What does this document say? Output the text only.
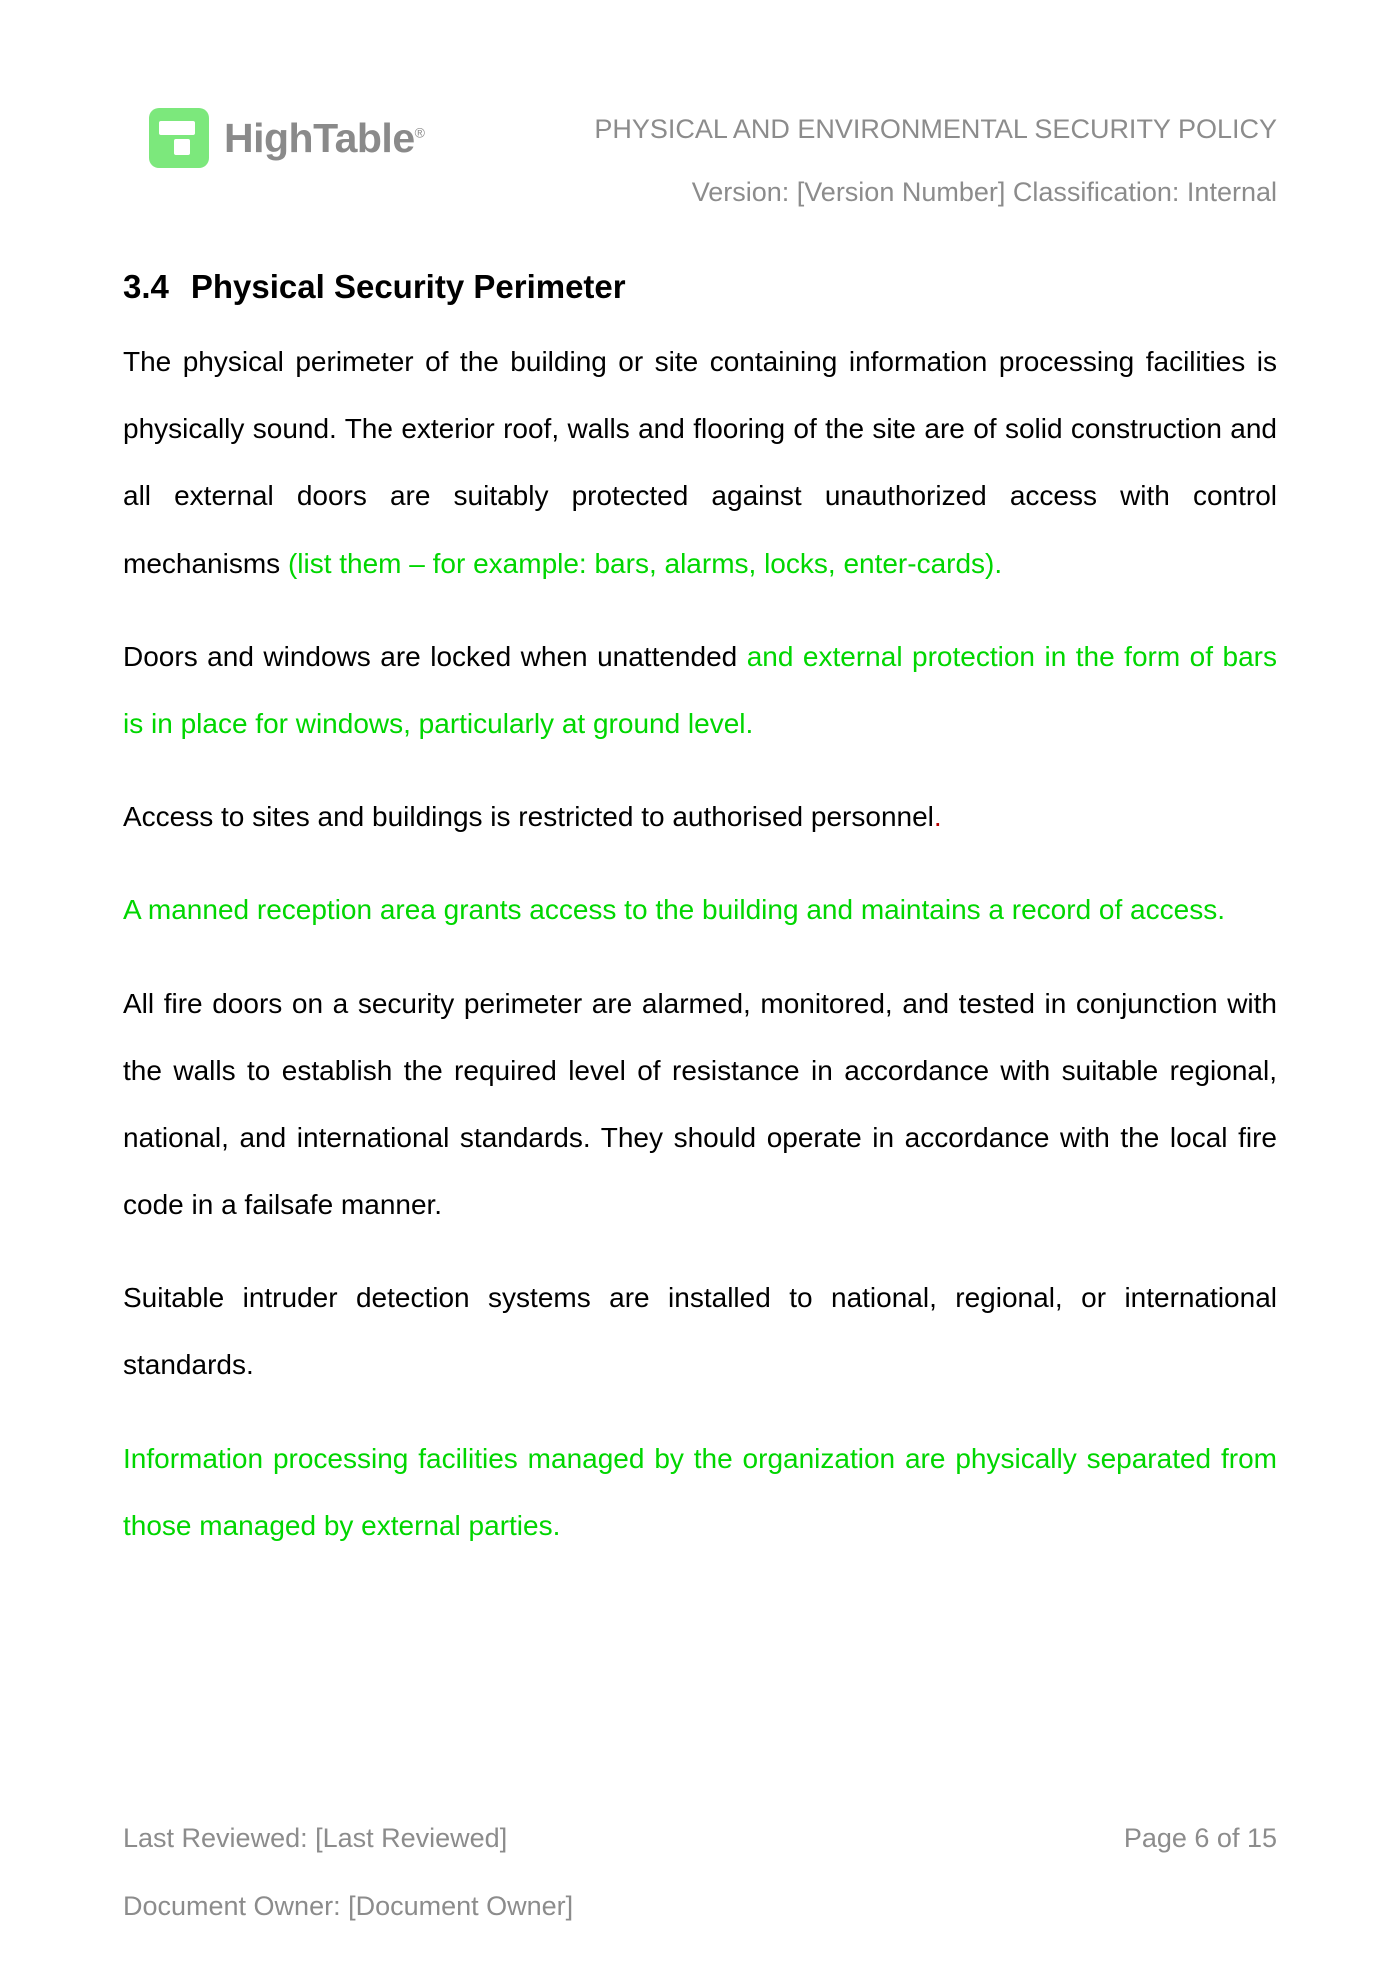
HighTable®	PHYSICAL AND ENVIRONMENTAL SECURITY POLICY
Version: [Version Number] Classification: Internal
3.4 Physical Security Perimeter

The physical perimeter of the building or site containing information processing facilities is physically sound. The exterior roof, walls and flooring of the site are of solid construction and all external doors are suitably protected against unauthorized access with control mechanisms (list them – for example: bars, alarms, locks, enter-cards).

Doors and windows are locked when unattended and external protection in the form of bars is in place for windows, particularly at ground level.

Access to sites and buildings is restricted to authorised personnel.

A manned reception area grants access to the building and maintains a record of access.

All fire doors on a security perimeter are alarmed, monitored, and tested in conjunction with the walls to establish the required level of resistance in accordance with suitable regional, national, and international standards. They should operate in accordance with the local fire code in a failsafe manner.

Suitable intruder detection systems are installed to national, regional, or international standards.

Information processing facilities managed by the organization are physically separated from those managed by external parties.

Last Reviewed: [Last Reviewed]	Page 6 of 15
Document Owner: [Document Owner]
